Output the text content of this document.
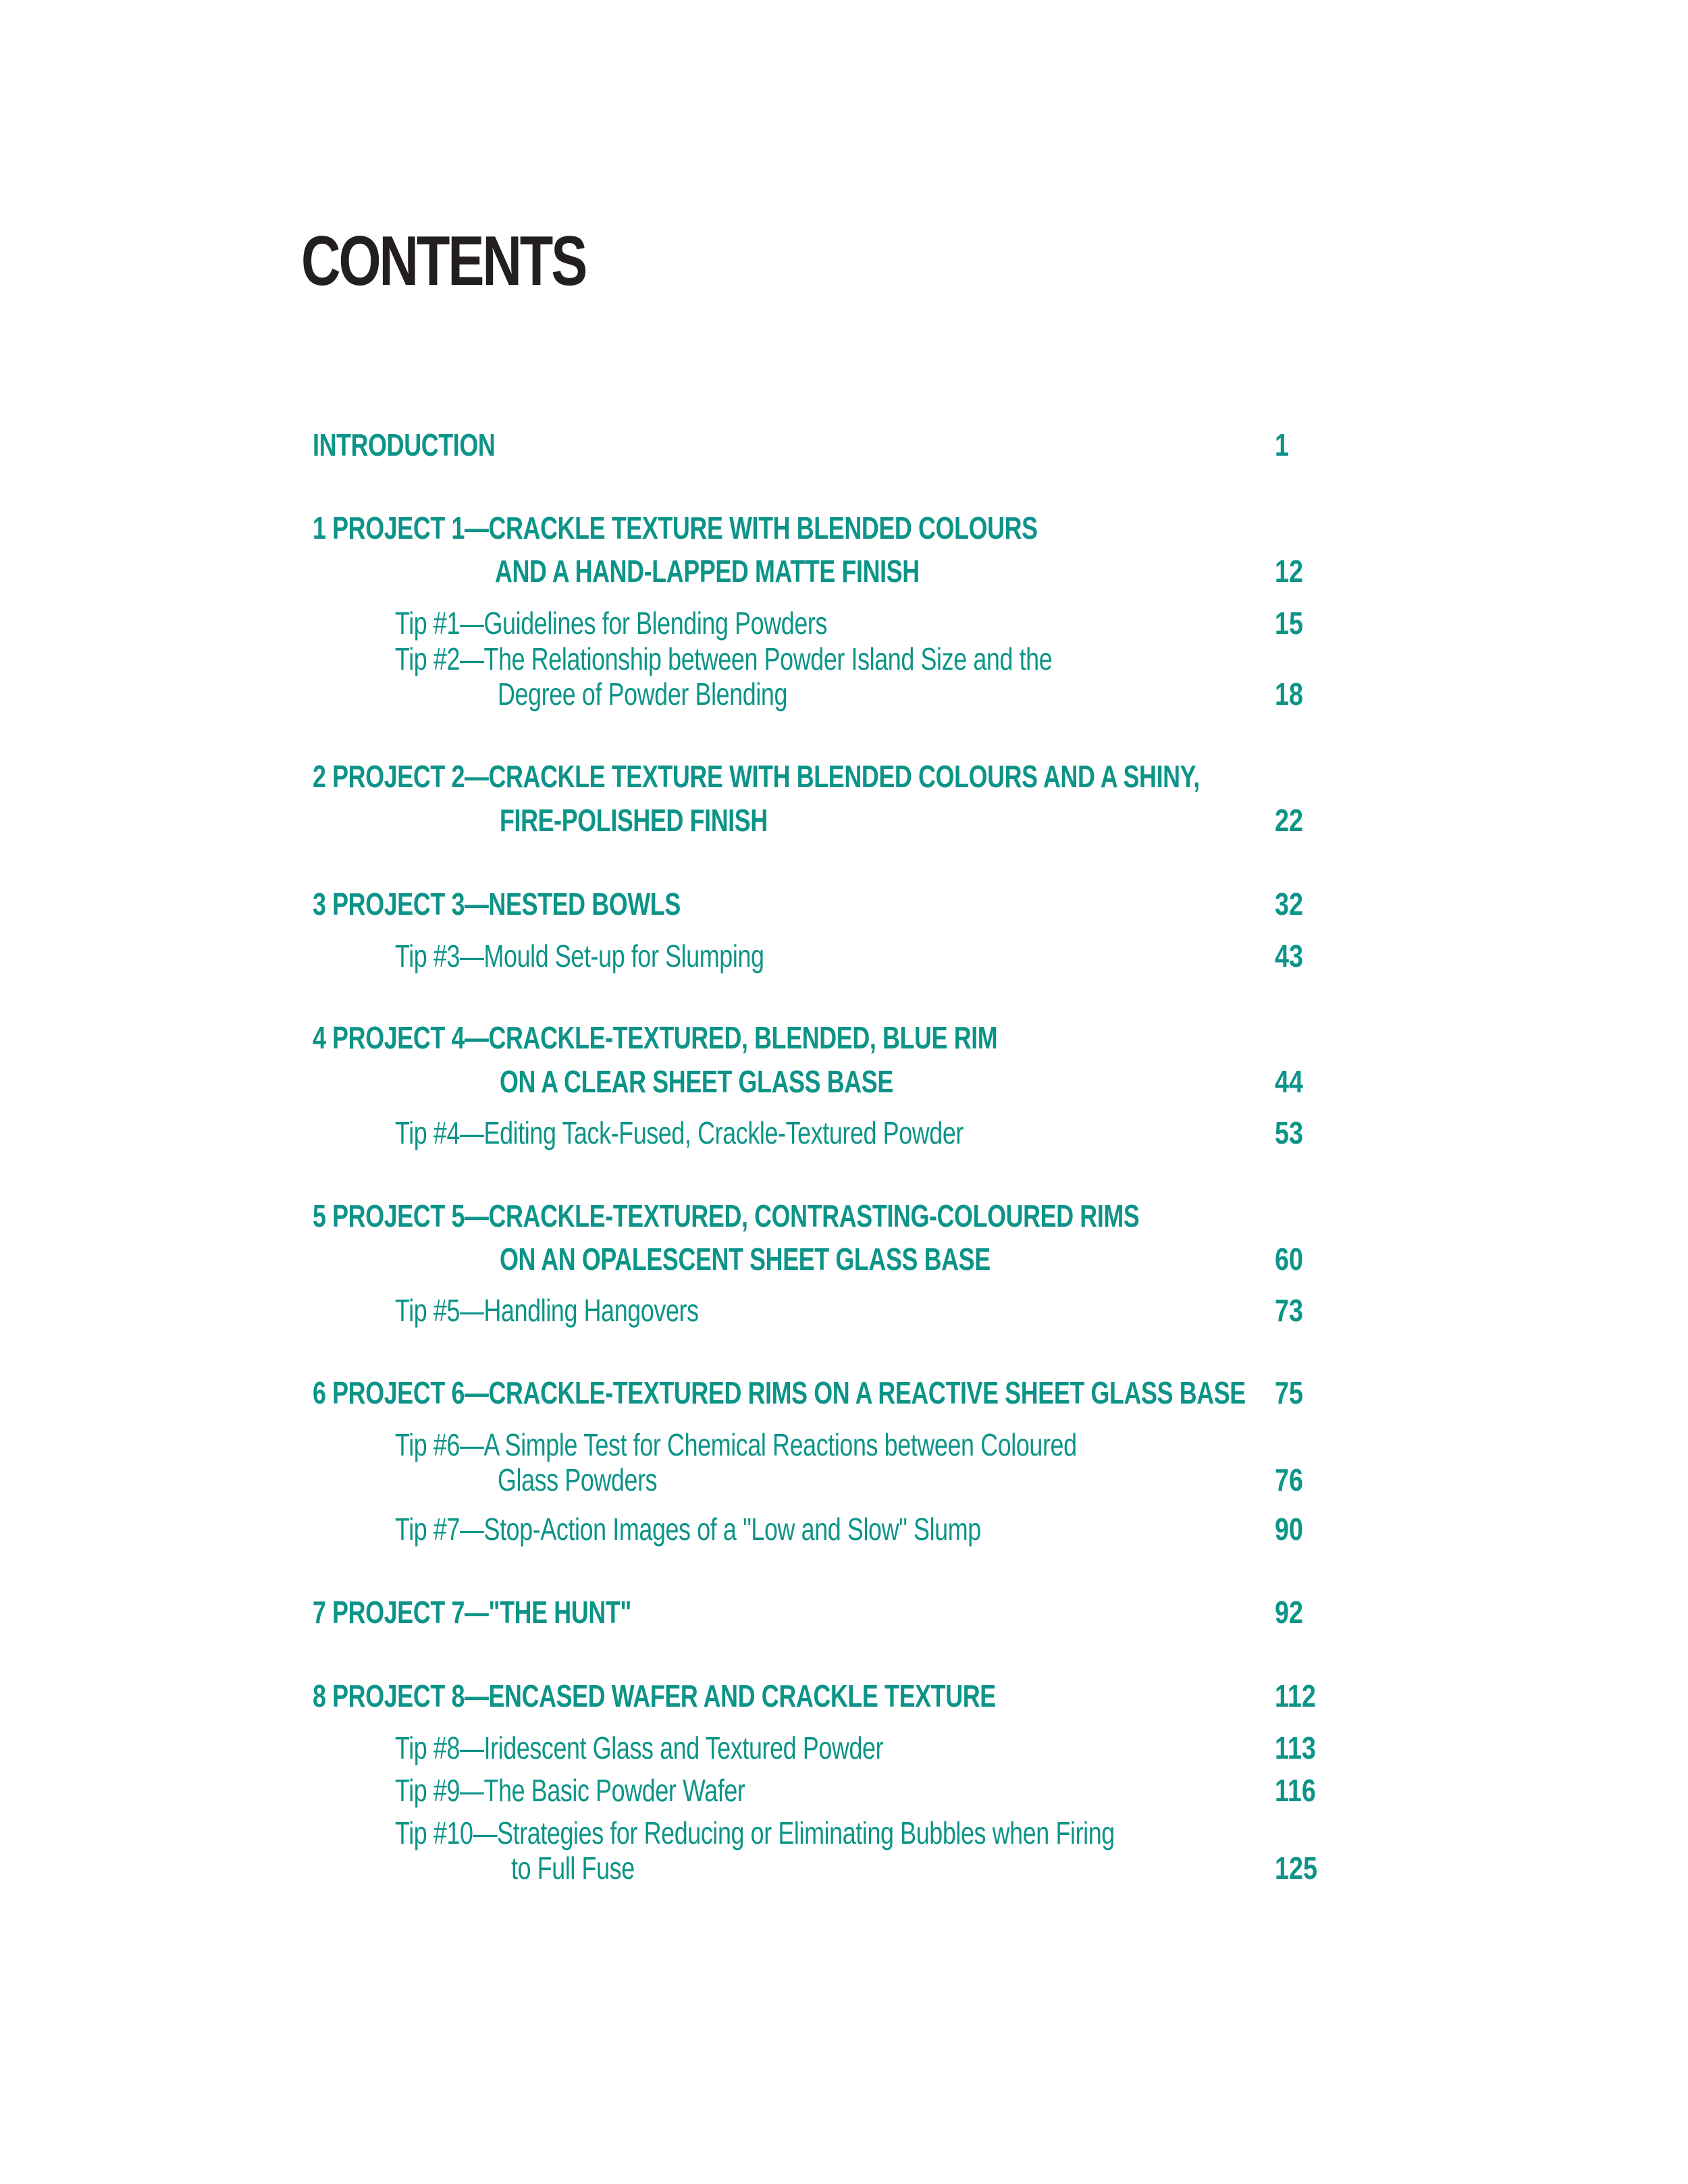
CONTENTS
INTRODUCTION	1
1 PROJECT 1—CRACKLE TEXTURE WITH BLENDED COLOURS
AND A HAND-LAPPED MATTE FINISH	12
Tip #1—Guidelines for Blending Powders	15
Tip #2—The Relationship between Powder Island Size and the
Degree of Powder Blending	18
2 PROJECT 2—CRACKLE TEXTURE WITH BLENDED COLOURS AND A SHINY,
FIRE-POLISHED FINISH	22
3 PROJECT 3—NESTED BOWLS	32
Tip #3—Mould Set-up for Slumping	43
4 PROJECT 4—CRACKLE-TEXTURED, BLENDED, BLUE RIM
ON A CLEAR SHEET GLASS BASE	44
Tip #4—Editing Tack-Fused, Crackle-Textured Powder	53
5 PROJECT 5—CRACKLE-TEXTURED, CONTRASTING-COLOURED RIMS
ON AN OPALESCENT SHEET GLASS BASE	60
Tip #5—Handling Hangovers	73
6 PROJECT 6—CRACKLE-TEXTURED RIMS ON A REACTIVE SHEET GLASS BASE 75
Tip #6—A Simple Test for Chemical Reactions between Coloured
Glass Powders	76
Tip #7—Stop-Action Images of a "Low and Slow" Slump	90
7 PROJECT 7—"THE HUNT"	92
8 PROJECT 8—ENCASED WAFER AND CRACKLE TEXTURE	112
Tip #8—Iridescent Glass and Textured Powder	113
Tip #9—The Basic Powder Wafer	116
Tip #10—Strategies for Reducing or Eliminating Bubbles when Firing
to Full Fuse	125
